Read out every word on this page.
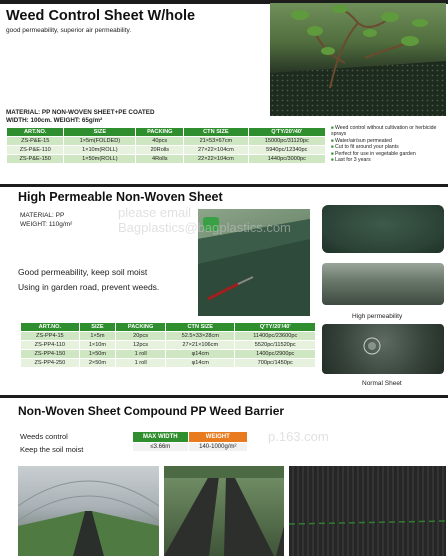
Weed Control Sheet W/hole
good permeability, superior air permeability.
MATERIAL: PP NON-WOVEN SHEET+PE COATED
WIDTH: 100cm. WEIGHT: 65g/m²
ART.NO.	SIZE	PACKING	CTN SIZE	Q'TY/20'/40'
ZS-P&E-15	1×5m(FOLDED)	40pcs	21×53×67cm	15000pc/31120pc
ZS-P&E-110	1×10m(ROLL)	20Rolls	27×22×104cm	5940pc/12340pc
ZS-P&E-150	1×50m(ROLL)	4Rolls	22×22×104cm	1440pc/3000pc
■ Weed control without cultivation or herbicide sprays
■ Water/air/sun permeated
■ Cut to fit around your plants
■ Perfect for use in vegetable garden
■ Last for 3 years
High Permeable Non-Woven Sheet
MATERIAL: PP
WEIGHT: 110g/m²
Good permeability, keep soil moist
Using in garden road, prevent weeds.
High permeability
Normal Sheet
ART.NO.	SIZE	PACKING	CTN SIZE	Q'TY/20'/40'
ZS-PP4-15	1×5m	20pcs	52.5×33×28cm	11400pc/23600pc
ZS-PP4-110	1×10m	12pcs	27×21×106cm	5520pc/11520pc
ZS-PP4-150	1×50m	1 roll	φ14cm	1400pc/2900pc
ZS-PP4-250	2×50m	1 roll	φ14cm	700pc/1450pc
Non-Woven Sheet Compound PP Weed Barrier
Weeds control
Keep the soil moist
MAX WIDTH	WEIGHT
≤3.66m	140-1000g/m²
please email
Bagplastics@bagplastics.com
p.163.com
